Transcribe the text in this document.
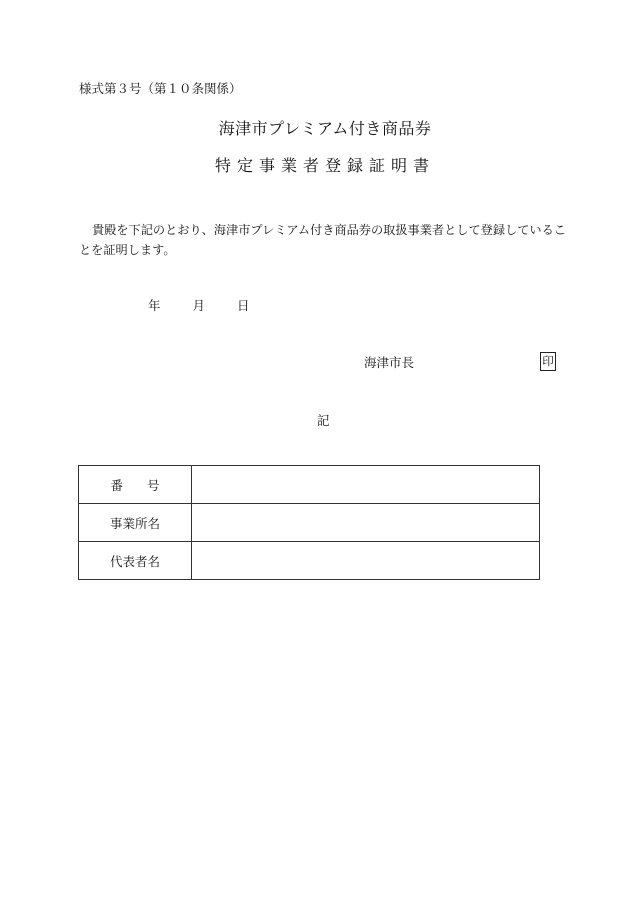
様式第３号（第１０条関係）
海津市プレミアム付き商品券
特定事業者登録証明書
貴殿を下記のとおり、海津市プレミアム付き商品券の取扱事業者として登録していることを証明します。
年	月	日
海津市長	印
記
番号	
事業所名	
代表者名	
